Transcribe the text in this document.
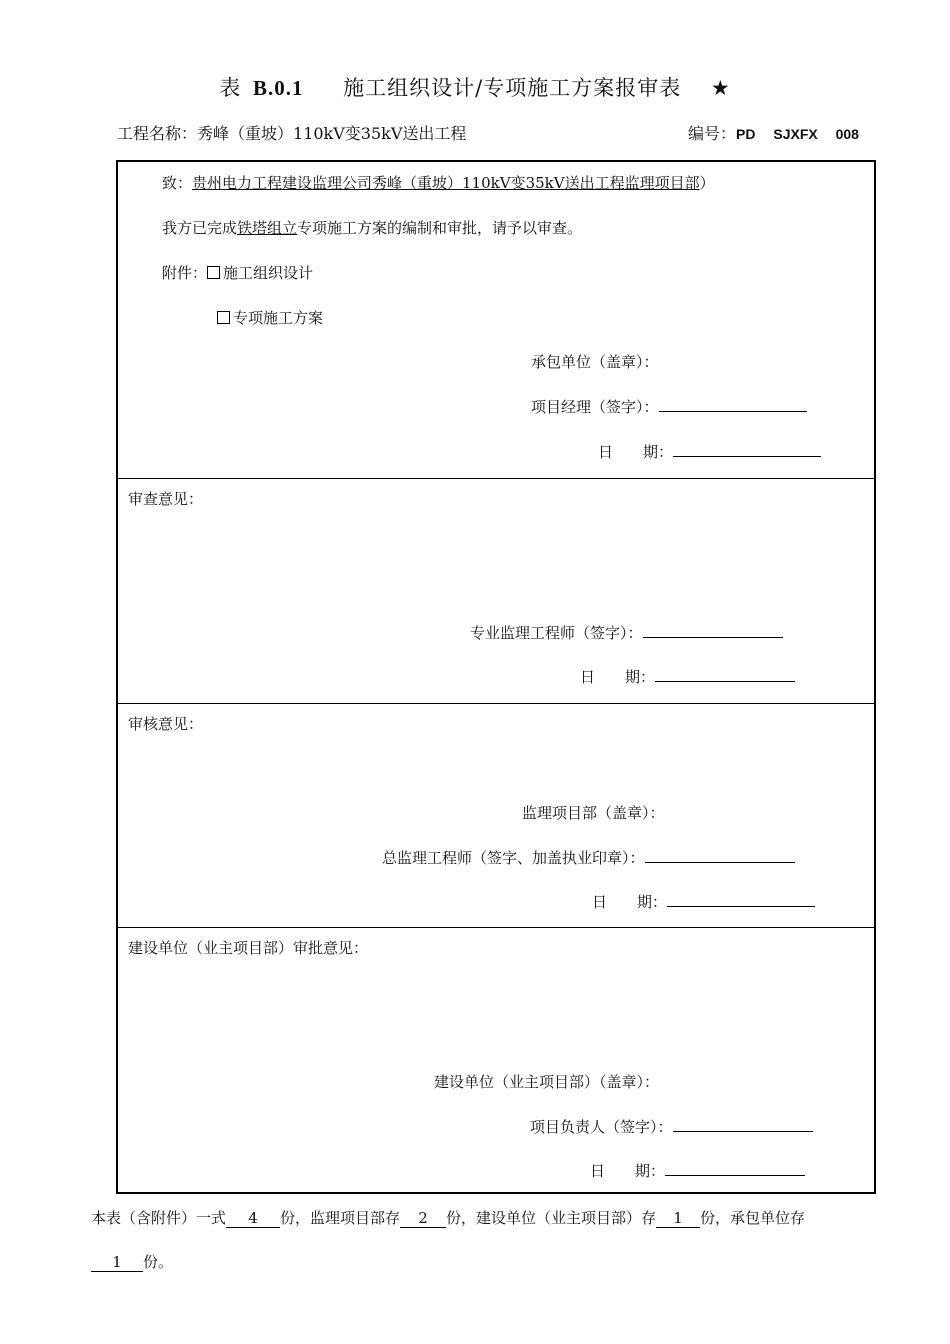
表 B.0.1 施工组织设计/专项施工方案报审表 ★
工程名称：秀峰（重坡）110kV变35kV送出工程	编号：PD SJXFX 008
致：贵州电力工程建设监理公司秀峰（重坡）110kV变35kV送出工程监理项目部）
我方已完成铁塔组立专项施工方案的编制和审批，请予以审查。
附件： 施工组织设计
专项施工方案
承包单位（盖章）：
项目经理（签字）：
日　　期：
审查意见：
专业监理工程师（签字）：
日　　期：
审核意见：
监理项目部（盖章）：
总监理工程师（签字、加盖执业印章）：
日　　期：
建设单位（业主项目部）审批意见：
建设单位（业主项目部）（盖章）：
项目负责人（签字）：
日　　期：
本表（含附件）一式 4 份，监理项目部存 2 份，建设单位（业主项目部）存 1 份，承包单位存
1 份。
